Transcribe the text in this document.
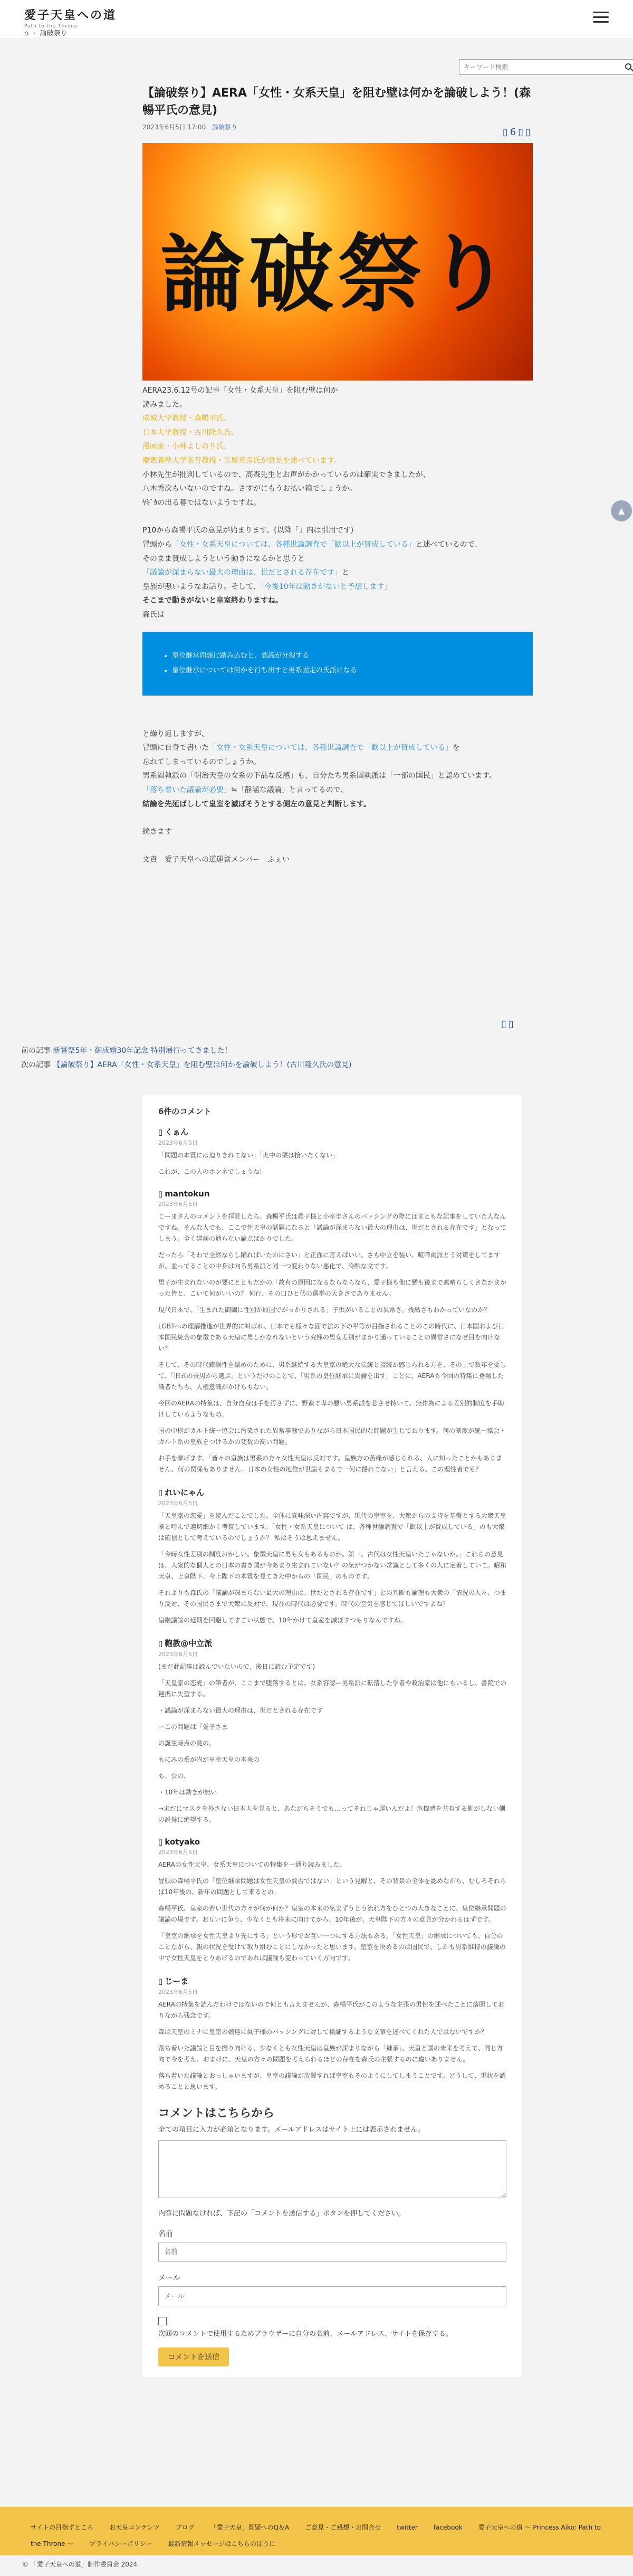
愛子天皇への道
Path to the Throne
⌂ › 論破祭り
キーワード検索
【論破祭り】AERA「女性・女系天皇」を阻む壁は何かを論破しよう！(森暢平氏の意見)
2023年6月5日 17:00 論破祭り	▯6▯▯
論破祭り

AERA23.6.12号の記事「女性・女系天皇」を阻む壁は何か

読みました。

成城大学教授・森暢平氏、

日本大学教授・古川隆久氏、

漫画家・小林よしのり氏、

慶應義塾大学名誉教授・笠原英彦氏が意見を述べています。

小林先生が批判しているので、高森先生とお声がかかっているのは確実できましたが、

八木秀次もいないのですね。さすがにもうお払い箱でしょうか。

ﾔｷﾞｶの出る幕ではないようですね。

P10から森暢平氏の意見が始まります。(以降「」内は引用です)

冒頭から「女性・女系天皇については、各種世論調査で「歓以上が賛成している」と述べているので、

そのまま賛成しようという動きになるかと思うと

「議論が深まらない最大の理由は、世だとされる存在です」と

皇族が悪いようなお話り。そして、「今後10年は動きがないと予想します」

そこまで動きがないと皇室終わりますね。

森氏は

• 皇位継承問題に踏み込むと、認識が分裂する
• 皇位継承については何かを行ち出すと男系固定の氏派になる

と繰り返しますが、

冒頭に自身で書いた「女性・女系天皇については、各種世論調査で「歓以上が賛成している」を

忘れてしまっているのでしょうか。

男系固執派の「明治天皇の女系の下品な反感」も、自分たち男系固執派は「一部の国民」と認めています。

「落ち着いた議論が必要」≒「静謐な議論」と言ってるので、

結論を先延ばしして皇室を滅ぼそうとする側左の意見と判断します。

続きます

文責　愛子天皇への道運営メンバー　ふぇい

▯▯
前の記事 新嘗祭5年・御成婚30年記念 特別展行ってきました！
次の記事 【論破祭り】AERA「女性・女系天皇」を阻む壁は何かを論破しよう！(古川隆久氏の意見)
6件のコメント
▯ くぁん
2023年6月5日

「問題の本質には迫りきれてない」「火中の栗は拾いたくない」

これが、この人のホンネでしょうね！

▯ mantokun
2023年6月5日

じーまさんのコメントを拝見したら、森暢平氏は眞子様と小室圭さんのバッシングの際にはまともな記事をしていた人なんですね。そんな人でも、ここで性天皇の話題になると「議論が深まらない最大の理由は、世だとされる存在です」となってしまう。全く建前の通らない論点ばかりでした。

だったら「そわで全然ならし踊ればいたのにさい」と正面に言えばいい。さも中立を装い、喧嘩両派とう対策をしてますが、並ってることの中身は向ろ男系派と同一つ変わりない悪化で、冷酷な文です。

男子が生まれないのが要にとともだかの「故有の原因になるならならなら、愛子様も他に懸も後まで素晴らしくさなかまかった皆と、こいて何がいいの？ 何行、その口ひと伏の選挙の大きさでありません。

現代日本で、「生まれた御嫡に性別が原因でがっかりされる」子供がいることの異常さ。残酷さもわかっていなのか？

LGBTへの理解推進が世界的に叫ばれ、日本でも様々な面で法の下の平等が目指されることのこの時代に、日本国および日本国民統合の象徴である天皇に男しかなれないという究極の男女差別がまかり通っていることの異常さになぜ目を向けない？

そして、その時代錯誤性を認めのために、男系継続する大皇家の絶大な伝統と接続が感じられる方を、その上で数年を要して、「旧式の長男から選ぶ」というだけのことで、「男系の皇位継承に異論を出す」ことに、AERAも今回の特集に登場した識者たちも、人権意識がかけらもない。

今回のAERAの特集は、自分自身は手を汚さずに、野蛮で卑の悪い男系派を悲させ持いて、無作為による差別的制度を手助けしているようなもの。

国の中枢がカルト統一協会に汚染された異常事態でありながら日本国民的な問題が生じております。何の制度が統一協会・カルト系の皇族をつけるかの変数の高い問題。

お手を挙げます。「皆々の皇族は男系の方々女性天皇は反対です。皇族方の苦痛が感じられる、人に知ったことかもありません、何の関係もありません。日本の女性の地位が世論もまるで一何に揺れでない」と言える、この理性者でも？

▯ れいにゃん
2023年6月5日

「天皇家の恋愛」を読んだことでした。全体に真味深い内容ですが、現代の皇室を、大衆からの支持を基盤とする大衆天皇制と呼んで適切細かく考察しています。「女性・女系天皇について は、各種世論調査で「歓以上が賛成している」のも大衆は確信として考えているのでしょうか？ 私はそうは思えません。

「今時女性差別の制度おかしい。象徴天皇に男も女もあるものか。第一、古代は女性天皇いたじゃないか。」これらの意見は、大衆的な個人との日本の書き国が今あまり生まれていない？の気がつかない常識として多くの人に定着していて。昭和天皇、上皇陛下、今上陛下の本質を見てきた中からの「国民」のものです。

それよりも森氏の「議論が深まらない最大の理由は、世だとされる存在です」との判断も論理も大衆の「情況の人々、つまり反対、その国民さまで大衆に反対で、現在の時代は必要です。時代の空気を感じてほしいですよね？

皇継議論の延期を回避してすごい状態で、10年かけて皇室を滅ぼすつもりなんですね。

▯ 鞄教@中立派
2023年6月5日

(まだ此記事は読んでいないので、後日に読む予定です)

「天皇家の恋愛」の筆者が、ここまで堕落するとは。女系容認ー男系派に転落した学者や政治家は他にもいるし、書院での連携に失望する。

・議論が深まらない最大の理由は、世だとされる存在です

ーこの問題は「愛子さま

の誕生時点の見の、

もにみの系が内が皇室天皇の本来の

も、公の、

・10年は動きが無い

→未だにマスクを外さない日本人を見ると、あながちそうでも…ってそれじゃ遅いんだよ！危機感を共有する側がしない側の説得に絶望する。

▯ kotyako
2023年6月5日

AERAの女性天皇、女系天皇についての特集を一通り読みました。

冒頭の森暢平氏の「皇位継承問題は女性天皇の賛否ではない」という見解と、その背景の全体を認めながら、むしろそれらは10年後の、新年の問題として来るとの。

森暢平氏、皇室の若い世代の方々が何が何か？皇室の本来の気まずうとう流れ方をひとつの大きなことに、皇位継承問題の議論の場です。お互いに争う、少なくとも将来に向けてから、10年後が、天皇陛下の方々の意見が分かれるはずです。

「皇室の継承を女性天皇より先にする」という形でお互い一つにする方法もある。「女性天皇」の継承についても、自分のことながら、親の状況を受けて取り組むことにしなかったと思います。皇室を決めるのは国民で、しかも男系維持の議論の中で女性天皇をとりあげるのであれば議論も変わっていく方向です。

▯ じーま
2023年6月5日

AERAの特集を読んだわけではないので何とも言えませんが、森暢平氏がこのような主張の男性を述べたことに落胆しておりながら残念です。

森は天皇のミナに皇室の娘達に眞子様のバッシングに対して検証するような文章を述べてくれた人ではないですか？

落ち着いた議論と目を振り向ける、少なくとも女性天皇は皇族が深まりながら「継承」、天皇と国の未来を考えて、同じ方向で今を考え、おまけに、天皇の方々の問題を考えられるほどの存在を森氏の主張するのに違いありません。

落ち着いた議論とおっしゃいますが、皇室の議論が放置すれば皇室もそのようにしてしまうことです。どうして、現状を認めることと思います。

コメントはこちらから
全ての項目に入力が必須となります。メールアドレスはサイト上には表示されません。
内容に問題なければ、下記の「コメントを送信する」ボタンを押してください。
名前
名前
メール
メール
次回のコメントで使用するためブラウザーに自分の名前、メールアドレス、サイトを保存する。
コメントを送信
▲
サイトの目指すところ	お天皇コンテンツ	ブログ	「愛子天皇」質疑へのQ＆A	ご意見・ご感想・お問合せ	twitter	facebook	愛子天皇への道 ～ Princess Aiko: Path to the Throne ～	プライバシーポリシー	最新情報メッセージはこちらのほうに
© 「愛子天皇への道」制作委員会 2024
